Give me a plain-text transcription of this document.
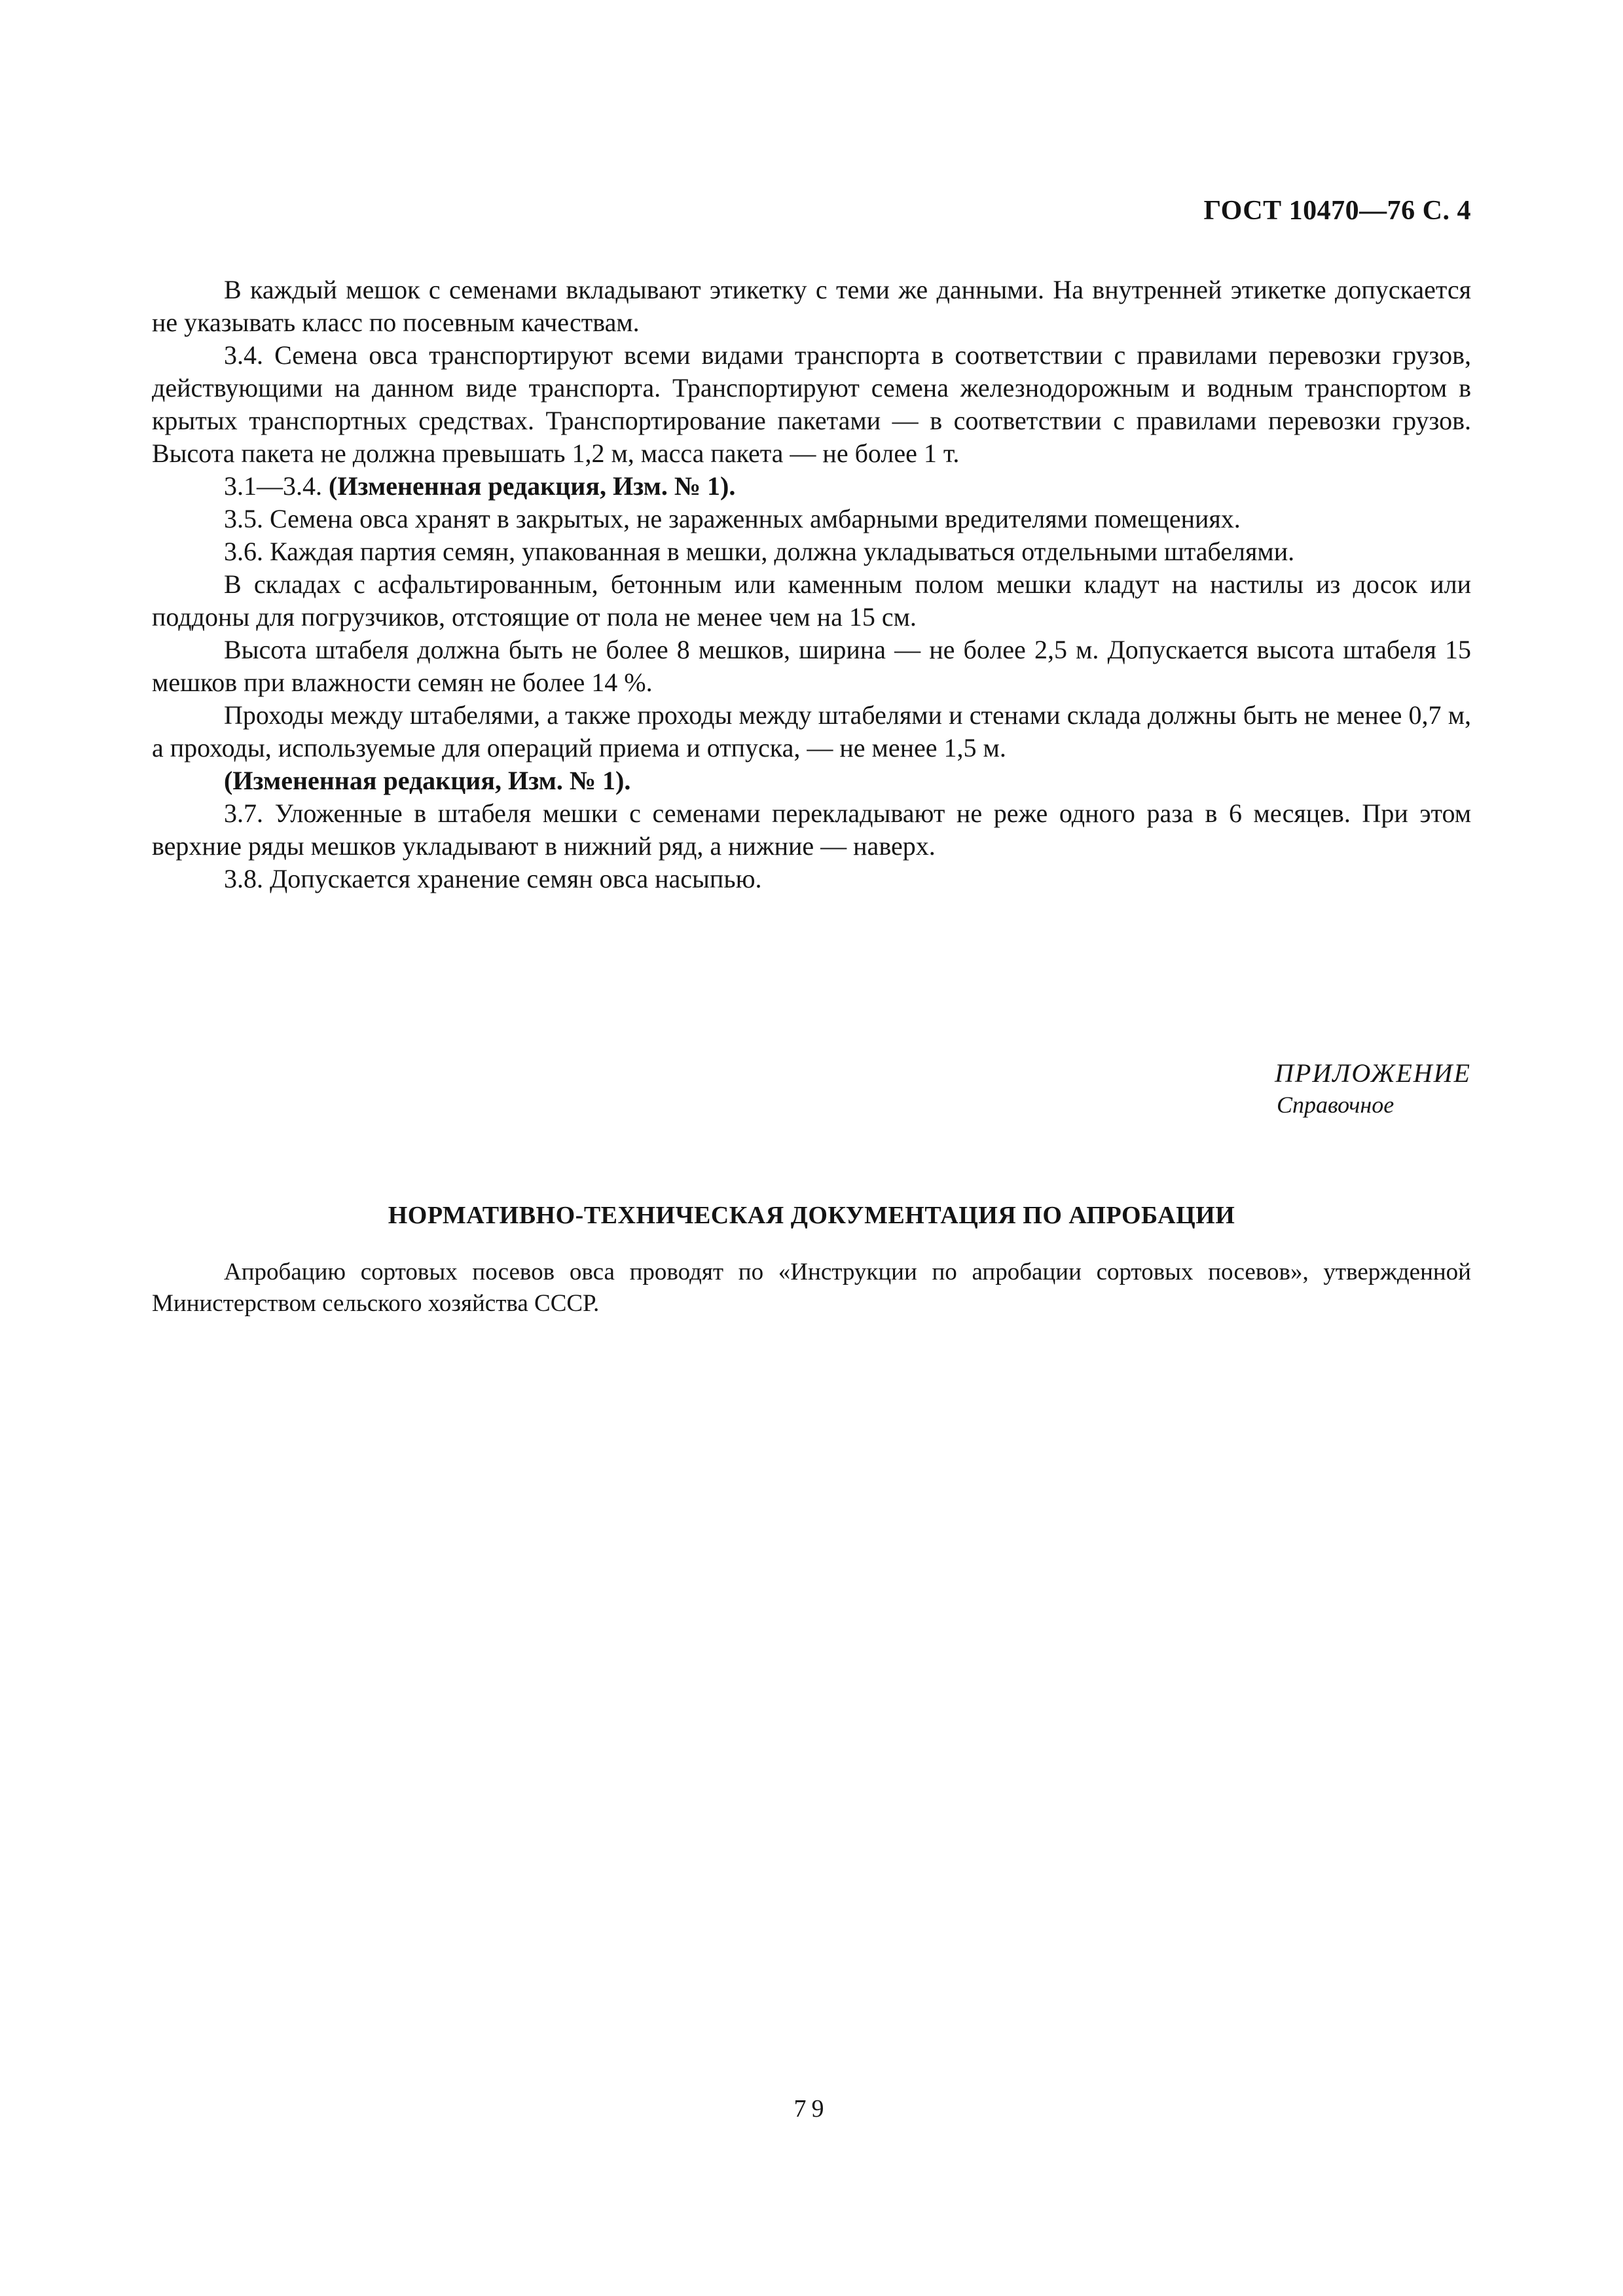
ГОСТ 10470—76 С. 4

В каждый мешок с семенами вкладывают этикетку с теми же данными. На внутренней этикетке допускается не указывать класс по посевным качествам.

3.4. Семена овса транспортируют всеми видами транспорта в соответствии с правилами перевозки грузов, действующими на данном виде транспорта. Транспортируют семена железнодорожным и водным транспортом в крытых транспортных средствах. Транспортирование пакетами — в соответствии с правилами перевозки грузов. Высота пакета не должна превышать 1,2 м, масса пакета — не более 1 т.

3.1—3.4. (Измененная редакция, Изм. № 1).

3.5. Семена овса хранят в закрытых, не зараженных амбарными вредителями помещениях.

3.6. Каждая партия семян, упакованная в мешки, должна укладываться отдельными штабелями.

В складах с асфальтированным, бетонным или каменным полом мешки кладут на настилы из досок или поддоны для погрузчиков, отстоящие от пола не менее чем на 15 см.

Высота штабеля должна быть не более 8 мешков, ширина — не более 2,5 м. Допускается высота штабеля 15 мешков при влажности семян не более 14 %.

Проходы между штабелями, а также проходы между штабелями и стенами склада должны быть не менее 0,7 м, а проходы, используемые для операций приема и отпуска, — не менее 1,5 м.

(Измененная редакция, Изм. № 1).

3.7. Уложенные в штабеля мешки с семенами перекладывают не реже одного раза в 6 месяцев. При этом верхние ряды мешков укладывают в нижний ряд, а нижние — наверх.

3.8. Допускается хранение семян овса насыпью.

ПРИЛОЖЕНИЕ
Справочное
НОРМАТИВНО-ТЕХНИЧЕСКАЯ ДОКУМЕНТАЦИЯ ПО АПРОБАЦИИ

Апробацию сортовых посевов овса проводят по «Инструкции по апробации сортовых посевов», утвержденной Министерством сельского хозяйства СССР.

79
